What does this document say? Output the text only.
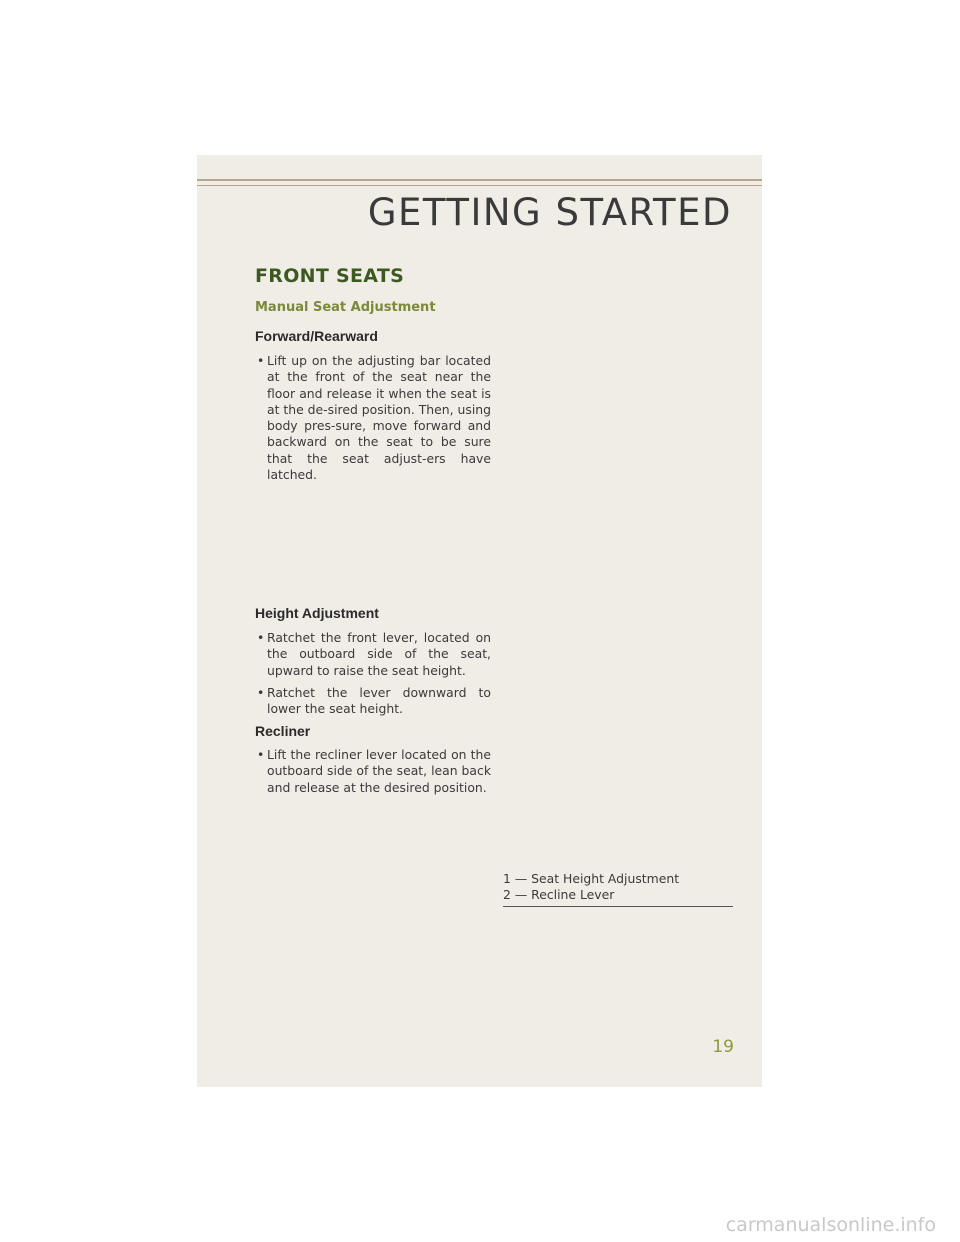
GETTING STARTED
FRONT SEATS
Manual Seat Adjustment
Forward/Rearward
• Lift up on the adjusting bar located at the front of the seat near the floor and release it when the seat is at the de-sired position. Then, using body pres-sure, move forward and backward on the seat to be sure that the seat adjust-ers have latched.
Height Adjustment
• Ratchet the front lever, located on the outboard side of the seat, upward to raise the seat height.
• Ratchet the lever downward to lower the seat height.
Recliner
• Lift the recliner lever located on the outboard side of the seat, lean back and release at the desired position.
1 — Seat Height Adjustment
2 — Recline Lever
19
carmanualsonline.info
